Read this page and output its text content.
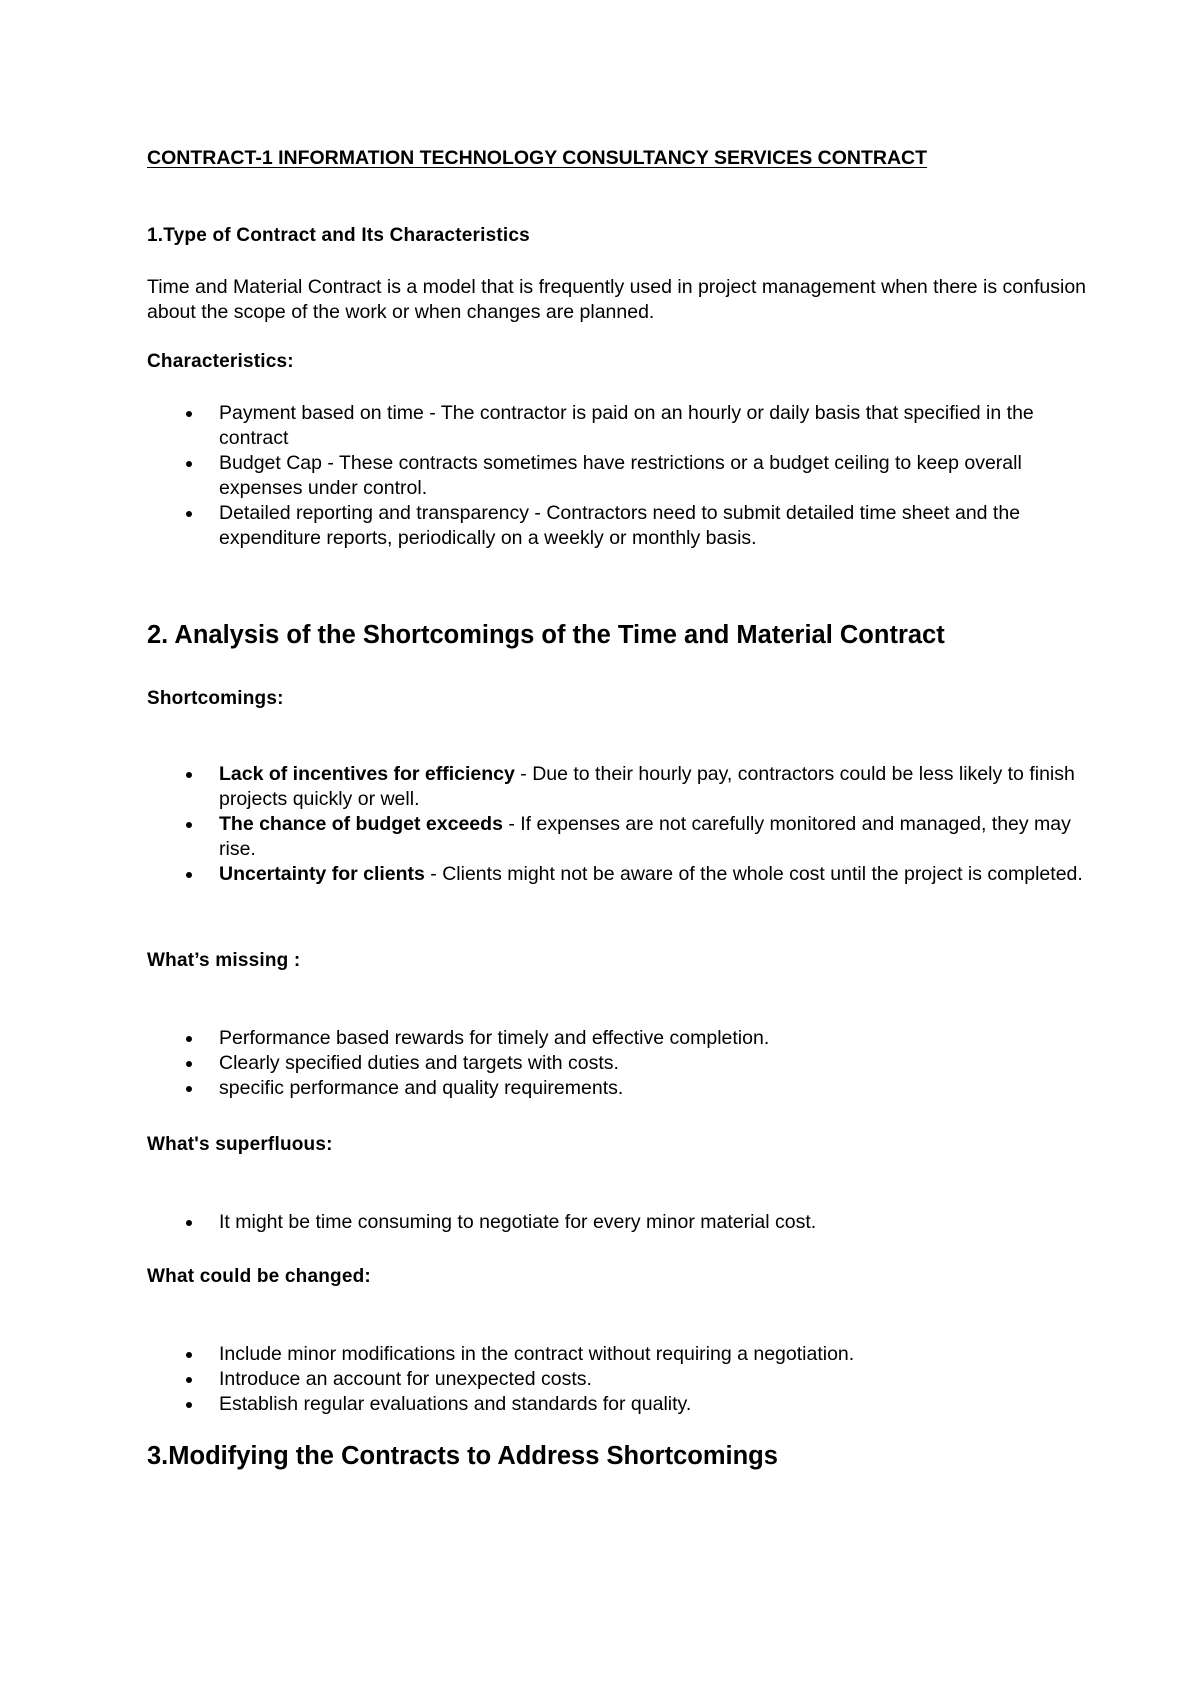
CONTRACT-1 INFORMATION TECHNOLOGY CONSULTANCY SERVICES CONTRACT

1.Type of Contract and Its Characteristics

Time and Material Contract is a model that is frequently used in project management when there is confusion about the scope of the work or when changes are planned.

Characteristics:

Payment based on time - The contractor is paid on an hourly or daily basis that specified in the contract
Budget Cap - These contracts sometimes have restrictions or a budget ceiling to keep overall expenses under control.
Detailed reporting and transparency - Contractors need to submit detailed time sheet and the expenditure reports, periodically on a weekly or monthly basis.

2. Analysis of the Shortcomings of the Time and Material Contract

Shortcomings:

Lack of incentives for efficiency - Due to their hourly pay, contractors could be less likely to finish projects quickly or well.
The chance of budget exceeds - If expenses are not carefully monitored and managed, they may rise.
Uncertainty for clients - Clients might not be aware of the whole cost until the project is completed.

What’s missing :

Performance based rewards for timely and effective completion.
Clearly specified duties and targets with costs.
specific performance and quality requirements.

What's superfluous:

It might be time consuming to negotiate for every minor material cost.

What could be changed:

Include minor modifications in the contract without requiring a negotiation.
Introduce an account for unexpected costs.
Establish regular evaluations and standards for quality.

3.Modifying the Contracts to Address Shortcomings
